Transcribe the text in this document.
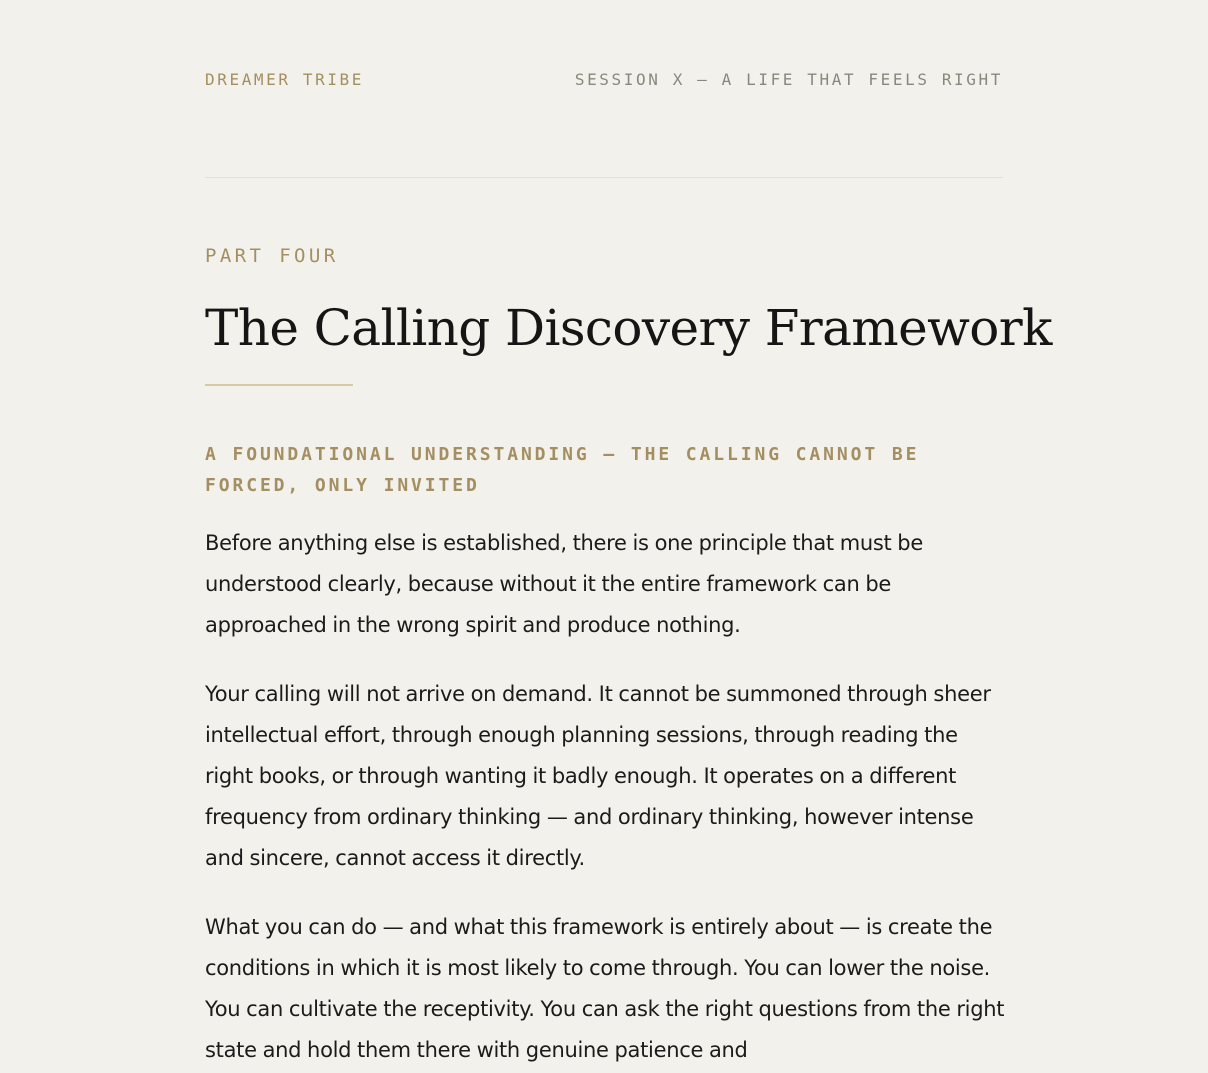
DREAMER TRIBE	SESSION X — A LIFE THAT FEELS RIGHT
PART FOUR
The Calling Discovery Framework
A FOUNDATIONAL UNDERSTANDING — THE CALLING CANNOT BE FORCED, ONLY INVITED

Before anything else is established, there is one principle that must be understood clearly, because without it the entire framework can be approached in the wrong spirit and produce nothing.

Your calling will not arrive on demand. It cannot be summoned through sheer intellectual effort, through enough planning sessions, through reading the right books, or through wanting it badly enough. It operates on a different frequency from ordinary thinking — and ordinary thinking, however intense and sincere, cannot access it directly.

What you can do — and what this framework is entirely about — is create the conditions in which it is most likely to come through. You can lower the noise. You can cultivate the receptivity. You can ask the right questions from the right state and hold them there with genuine patience and
